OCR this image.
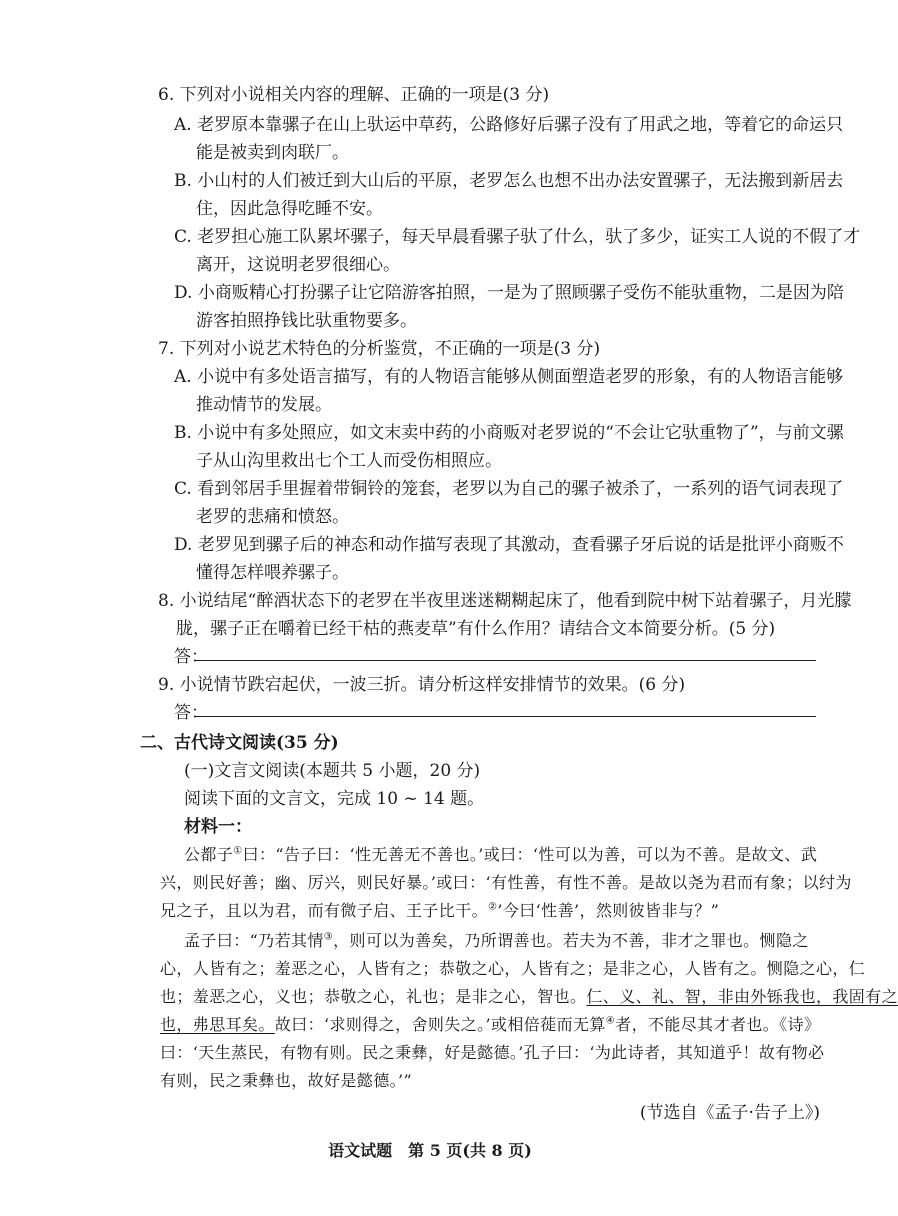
6. 下列对小说相关内容的理解、正确的一项是(3 分)
A. 老罗原本靠骡子在山上驮运中草药，公路修好后骡子没有了用武之地，等着它的命运只
能是被卖到肉联厂。
B. 小山村的人们被迁到大山后的平原，老罗怎么也想不出办法安置骡子，无法搬到新居去
住，因此急得吃睡不安。
C. 老罗担心施工队累坏骡子，每天早晨看骡子驮了什么，驮了多少，证实工人说的不假了才
离开，这说明老罗很细心。
D. 小商贩精心打扮骡子让它陪游客拍照，一是为了照顾骡子受伤不能驮重物，二是因为陪
游客拍照挣钱比驮重物要多。
7. 下列对小说艺术特色的分析鉴赏，不正确的一项是(3 分)
A. 小说中有多处语言描写，有的人物语言能够从侧面塑造老罗的形象，有的人物语言能够
推动情节的发展。
B. 小说中有多处照应，如文末卖中药的小商贩对老罗说的“不会让它驮重物了”，与前文骡
子从山沟里救出七个工人而受伤相照应。
C. 看到邻居手里握着带铜铃的笼套，老罗以为自己的骡子被杀了，一系列的语气词表现了
老罗的悲痛和愤怒。
D. 老罗见到骡子后的神态和动作描写表现了其激动，查看骡子牙后说的话是批评小商贩不
懂得怎样喂养骡子。
8. 小说结尾“醉酒状态下的老罗在半夜里迷迷糊糊起床了，他看到院中树下站着骡子，月光朦
胧，骡子正在嚼着已经干枯的燕麦草”有什么作用？请结合文本简要分析。(5 分)
答：
9. 小说情节跌宕起伏，一波三折。请分析这样安排情节的效果。(6 分)
答：
二、古代诗文阅读(35 分)
(一)文言文阅读(本题共 5 小题，20 分)
阅读下面的文言文，完成 10 ~ 14 题。
材料一：
公都子①曰：“告子曰：‘性无善无不善也。’或曰：‘性可以为善，可以为不善。是故文、武
兴，则民好善；幽、厉兴，则民好暴。’或曰：‘有性善，有性不善。是故以尧为君而有象；以纣为
兄之子，且以为君，而有微子启、王子比干。②’今曰‘性善’，然则彼皆非与？”
孟子曰：“乃若其情③，则可以为善矣，乃所谓善也。若夫为不善，非才之罪也。恻隐之
心，人皆有之；羞恶之心，人皆有之；恭敬之心，人皆有之；是非之心，人皆有之。恻隐之心，仁
也；羞恶之心，义也；恭敬之心，礼也；是非之心，智也。仁、义、礼、智，非由外铄我也，我固有之
也，弗思耳矣。故曰：‘求则得之，舍则失之。’或相倍蓰而无算④者，不能尽其才者也。《诗》
曰：‘天生蒸民，有物有则。民之秉彝，好是懿德。’孔子曰：‘为此诗者，其知道乎！故有物必
有则，民之秉彝也，故好是懿德。’”
(节选自《孟子·告子上》)
语文试题　第 5 页(共 8 页)
